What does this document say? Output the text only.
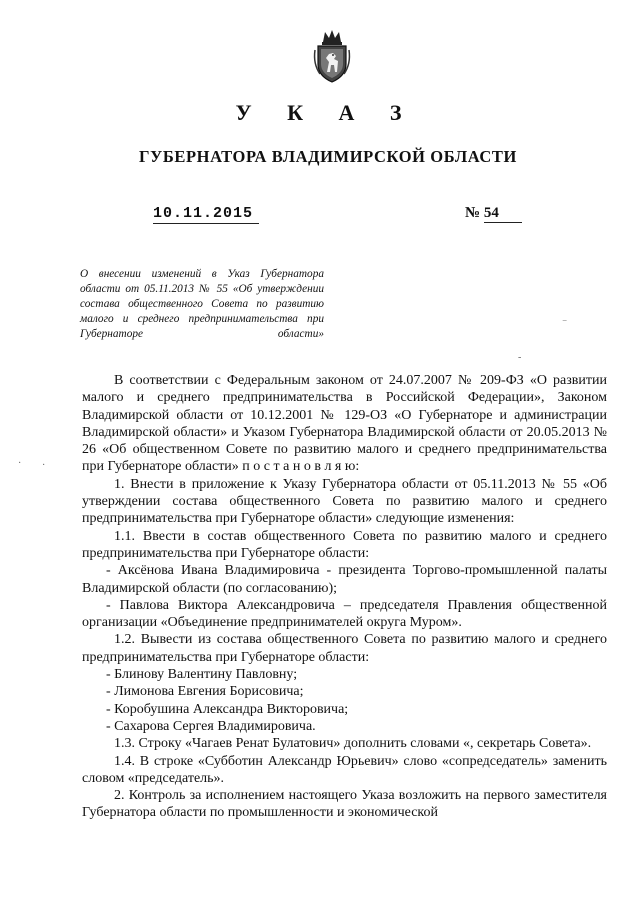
У К А З
ГУБЕРНАТОРА ВЛАДИМИРСКОЙ ОБЛАСТИ
10.11.2015	№ 54
О внесении изменений в Указ Губернатора области от 05.11.2013 № 55 «Об утверждении состава общественного Совета по развитию малого и среднего предпринимательства при Губернаторе области»
⁻
-
· ·

В соответствии с Федеральным законом от 24.07.2007 № 209-ФЗ «О развитии малого и среднего предпринимательства в Российской Федерации», Законом Владимирской области от 10.12.2001 № 129-ОЗ «О Губернаторе и администрации Владимирской области» и Указом Губернатора Владимирской области от 20.05.2013 № 26 «Об общественном Совете по развитию малого и среднего предпринимательства при Губернаторе области» п о с т а н о в л я ю:

1. Внести в приложение к Указу Губернатора области от 05.11.2013 № 55 «Об утверждении состава общественного Совета по развитию малого и среднего предпринимательства при Губернаторе области» следующие изменения:

1.1. Ввести в состав общественного Совета по развитию малого и среднего предпринимательства при Губернаторе области:

- Аксёнова Ивана Владимировича - президента Торгово-промышленной палаты Владимирской области (по согласованию);

- Павлова Виктора Александровича – председателя Правления общественной организации «Объединение предпринимателей округа Муром».

1.2. Вывести из состава общественного Совета по развитию малого и среднего предпринимательства при Губернаторе области:

- Блинову Валентину Павловну;

- Лимонова Евгения Борисовича;

- Коробушина Александра Викторовича;

- Сахарова Сергея Владимировича.

1.3. Строку «Чагаев Ренат Булатович» дополнить словами «, секретарь Совета».

1.4. В строке «Субботин Александр Юрьевич» слово «сопредседатель» заменить словом «председатель».

2. Контроль за исполнением настоящего Указа возложить на первого заместителя Губернатора области по промышленности и экономической
